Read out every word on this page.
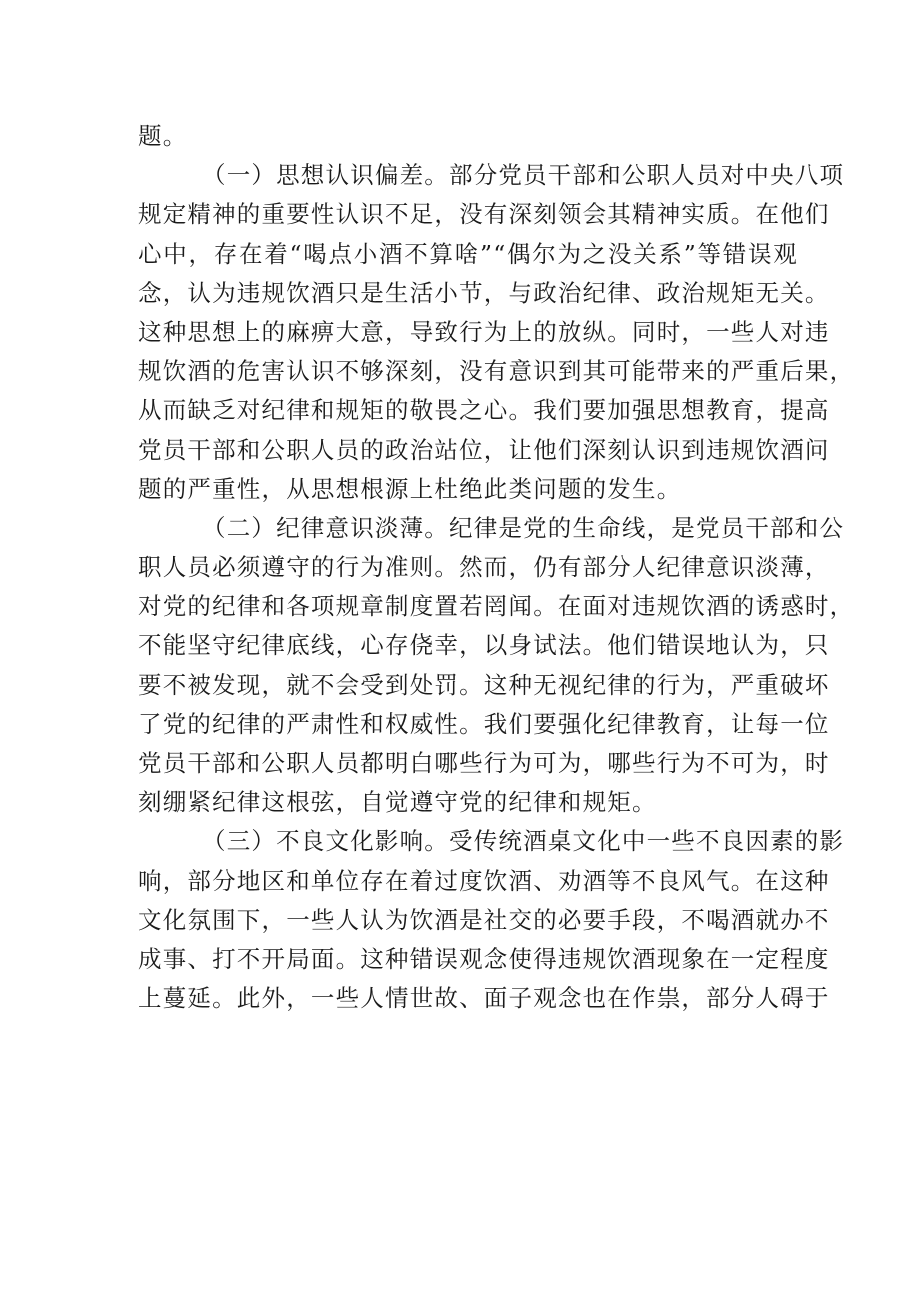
题。
（一）思想认识偏差。部分党员干部和公职人员对中央八项
规定精神的重要性认识不足，没有深刻领会其精神实质。在他们
心中，存在着“喝点小酒不算啥”“偶尔为之没关系”等错误观
念，认为违规饮酒只是生活小节，与政治纪律、政治规矩无关。
这种思想上的麻痹大意，导致行为上的放纵。同时，一些人对违
规饮酒的危害认识不够深刻，没有意识到其可能带来的严重后果，
从而缺乏对纪律和规矩的敬畏之心。我们要加强思想教育，提高
党员干部和公职人员的政治站位，让他们深刻认识到违规饮酒问
题的严重性，从思想根源上杜绝此类问题的发生。
（二）纪律意识淡薄。纪律是党的生命线，是党员干部和公
职人员必须遵守的行为准则。然而，仍有部分人纪律意识淡薄，
对党的纪律和各项规章制度置若罔闻。在面对违规饮酒的诱惑时，
不能坚守纪律底线，心存侥幸，以身试法。他们错误地认为，只
要不被发现，就不会受到处罚。这种无视纪律的行为，严重破坏
了党的纪律的严肃性和权威性。我们要强化纪律教育，让每一位
党员干部和公职人员都明白哪些行为可为，哪些行为不可为，时
刻绷紧纪律这根弦，自觉遵守党的纪律和规矩。
（三）不良文化影响。受传统酒桌文化中一些不良因素的影
响，部分地区和单位存在着过度饮酒、劝酒等不良风气。在这种
文化氛围下，一些人认为饮酒是社交的必要手段，不喝酒就办不
成事、打不开局面。这种错误观念使得违规饮酒现象在一定程度
上蔓延。此外，一些人情世故、面子观念也在作祟，部分人碍于
